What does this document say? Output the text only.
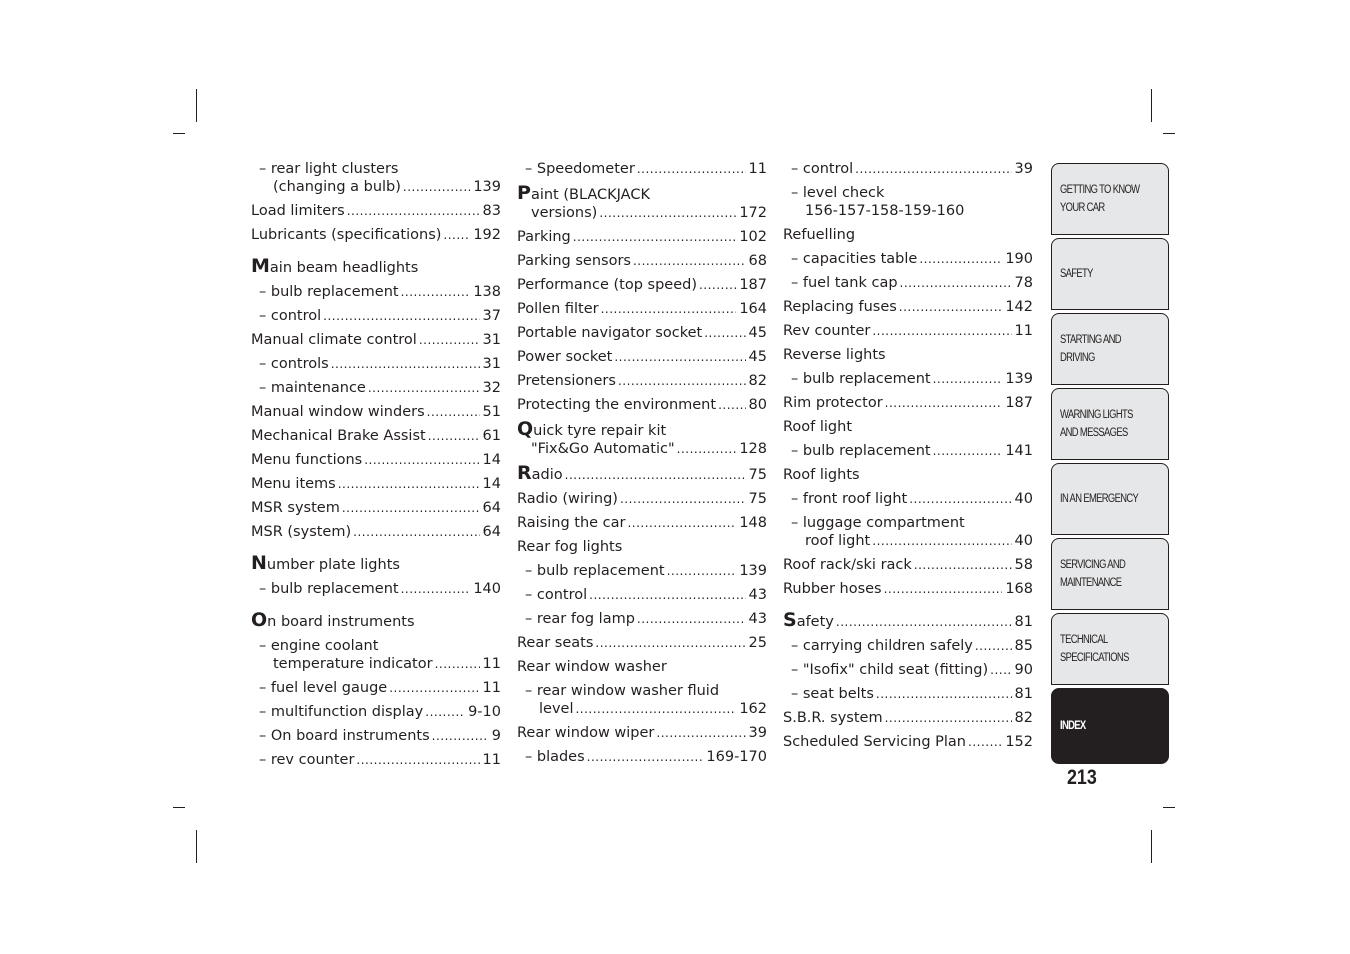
– rear light clusters
(changing a bulb) .....	139
Load limiters .....	83
Lubricants (specifications) ..... 192
M ain beam headlights
– bulb replacement .....	138
– control .....	37
Manual climate control .....	31
– controls .....	31
– maintenance .....	32
Manual window winders .....	51
Mechanical Brake Assist .....	61
Menu functions .....	14
Menu items .....	14
MSR system .....	64
MSR (system) .....	64
N umber plate lights
– bulb replacement .....	140
O n board instruments
– engine coolant
temperature indicator .....	11
– fuel level gauge .....	11
– multifunction display .....	9-10
– On board instruments .....	9
– rev counter .....	11
– Speedometer .....	11
Paint (BLACKJACK
versions) .....	172
Parking .....	102
Parking sensors .....	68
Performance (top speed) .....	187
Pollen filter .....	164
Portable navigator socket .....	45
Power socket .....	45
Pretensioners .....	82
Protecting the environment ..... 80
Quick tyre repair kit
"Fix&Go Automatic" .....	128
R adio .....	75
Radio (wiring) .....	75
Raising the car .....	148
Rear fog lights
– bulb replacement .....	139
– control .....	43
– rear fog lamp .....	43
Rear seats .....	25
Rear window washer
– rear window washer fluid
level .....	162
Rear window wiper .....	39
– blades .....	169-170
– control .....	39
– level check
156-157-158-159-160
Refuelling
– capacities table .....	190
– fuel tank cap .....	78
Replacing fuses .....	142
Rev counter .....	11
Reverse lights
– bulb replacement .....	139
Rim protector .....	187
Roof light
– bulb replacement .....	141
Roof lights
– front roof light .....	40
– luggage compartment
roof light .....	40
Roof rack/ski rack .....	58
Rubber hoses .....	168
S afety .....	81
– carrying children safely .....	85
– "Isofix" child seat (fitting) ..... 90
– seat belts .....	81
S.B.R. system .....	82
Scheduled Servicing Plan .....	152
GETTING TO KNOW
YOUR CAR
SAFETY
STARTING AND
DRIVING
WARNING LIGHTS
AND MESSAGES
IN AN EMERGENCY
SERVICING AND
MAINTENANCE
TECHNICAL
SPECIFICATIONS
INDEX
213
